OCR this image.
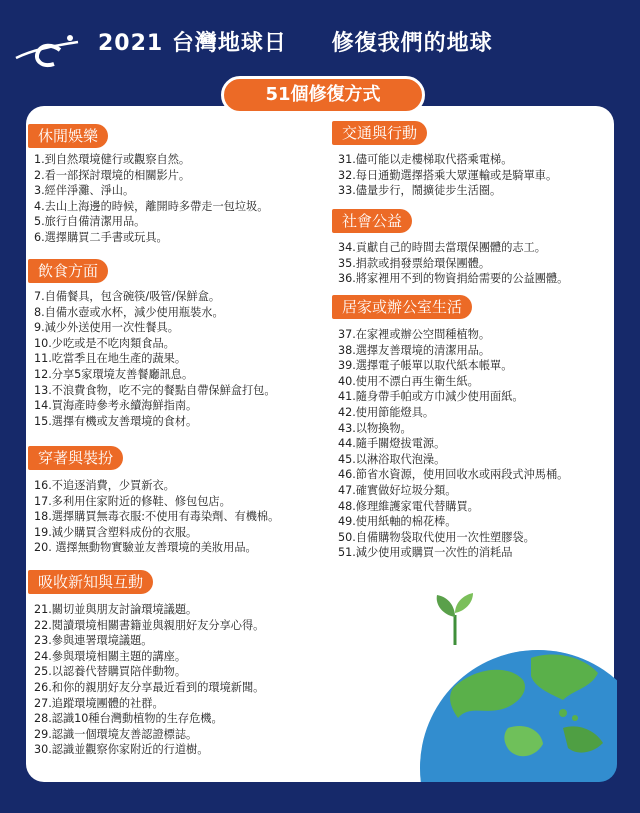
2021 台灣地球日 修復我們的地球
51個修復方式
休閒娛樂
1.到自然環境健行或觀察自然。
2.看一部探討環境的相關影片。
3.經伴淨灘、淨山。
4.去山上海邊的時候，離開時多帶走一包垃圾。
5.旅行自備清潔用品。
6.選擇購買二手書或玩具。
飲食方面
7.自備餐具，包含碗筷/吸管/保鮮盒。
8.自備水壺或水杯，減少使用瓶裝水。
9.減少外送使用一次性餐具。
10.少吃或是不吃肉類食品。
11.吃當季且在地生產的蔬果。
12.分享5家環境友善餐廳訊息。
13.不浪費食物，吃不完的餐點自帶保鮮盒打包。
14.買海產時參考永續海鮮指南。
15.選擇有機或友善環境的食材。
穿著與裝扮
16.不追逐消費，少買新衣。
17.多利用住家附近的修鞋、修包包店。
18.選擇購買無毒衣服:不使用有毒染劑、有機棉。
19.減少購買含塑料成份的衣服。
20. 選擇無動物實驗並友善環境的美妝用品。
吸收新知與互動
21.關切並與朋友討論環境議題。
22.閱讀環境相關書籍並與親朋好友分享心得。
23.參與連署環境議題。
24.參與環境相關主題的講座。
25.以認養代替購買陪伴動物。
26.和你的親朋好友分享最近看到的環境新聞。
27.追蹤環境團體的社群。
28.認識10種台灣動植物的生存危機。
29.認識一個環境友善認證標誌。
30.認識並觀察你家附近的行道樹。
交通與行動
31.儘可能以走樓梯取代搭乘電梯。
32.每日通勤選擇搭乘大眾運輸或是騎單車。
33.儘量步行，鬧擴徒步生活圈。
社會公益
34.貢獻自己的時間去當環保團體的志工。
35.捐款或捐發票給環保團體。
36.將家裡用不到的物資捐給需要的公益團體。
居家或辦公室生活
37.在家裡或辦公空間種植物。
38.選擇友善環境的清潔用品。
39.選擇電子帳單以取代紙本帳單。
40.使用不漂白再生衛生紙。
41.隨身帶手帕或方巾減少使用面紙。
42.使用節能燈具。
43.以物換物。
44.隨手關燈拔電源。
45.以淋浴取代泡澡。
46.節省水資源，使用回收水或兩段式沖馬桶。
47.確實做好垃圾分類。
48.修理維護家電代替購買。
49.使用紙軸的棉花棒。
50.自備購物袋取代使用一次性塑膠袋。
51.減少使用或購買一次性的消耗品
